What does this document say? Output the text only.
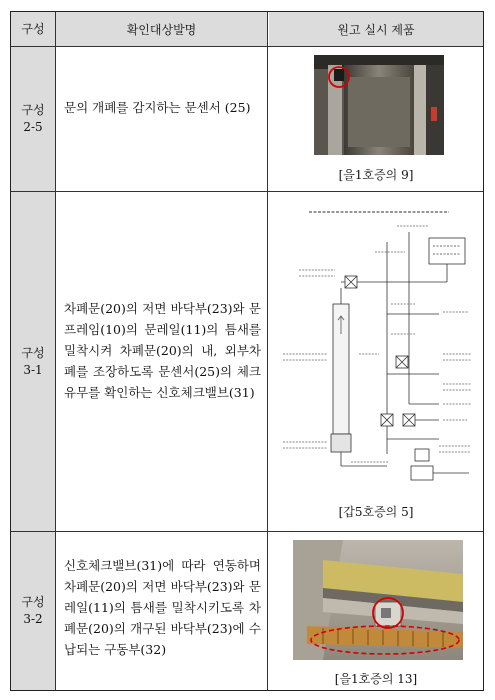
구성	확인대상발명	원고 실시 제품
구성
2-5
문의 개폐를 감지하는 문센서 (25)
[을1호증의 9]
구성
3-1
차폐문(20)의 저면 바닥부(23)와 문프레임(10)의 문레일(11)의 틈새를 밀착시켜 차폐문(20)의 내, 외부차폐를 조장하도록 문센서(25)의 체크 유무를 확인하는 신호체크밸브(31)
[갑5호증의 5]
구성
3-2
신호체크밸브(31)에 따라 연동하며 차폐문(20)의 저면 바닥부(23)와 문레일(11)의 틈새를 밀착시키도록 차폐문(20)의 개구된 바닥부(23)에 수납되는 구동부(32)
[을1호증의 13]
